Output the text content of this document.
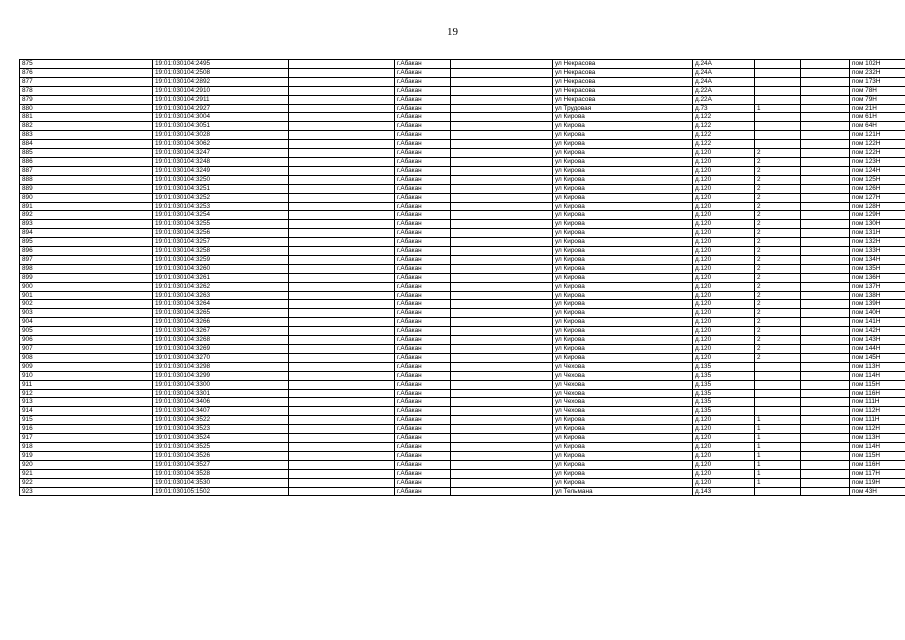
19
875	19:01:030104:2495		г.Абакан		ул Некрасова	д.24А			пом 102Н
876	19:01:030104:2508		г.Абакан		ул Некрасова	д.24А			пом 232Н
877	19:01:030104:2892		г.Абакан		ул Некрасова	д.24А			пом 173Н
878	19:01:030104:2910		г.Абакан		ул Некрасова	д.22А			пом 78Н
879	19:01:030104:2911		г.Абакан		ул Некрасова	д.22А			пом 79Н
880	19:01:030104:2927		г.Абакан		ул Трудовая	д.73	1		пом 21Н
881	19:01:030104:3004		г.Абакан		ул Кирова	д.122			пом 61Н
882	19:01:030104:3051		г.Абакан		ул Кирова	д.122			пом 64Н
883	19:01:030104:3028		г.Абакан		ул Кирова	д.122			пом 121Н
884	19:01:030104:3062		г.Абакан		ул Кирова	д.122			пом 122Н
885	19:01:030104:3247		г.Абакан		ул Кирова	д.120	2		пом 122Н
886	19:01:030104:3248		г.Абакан		ул Кирова	д.120	2		пом 123Н
887	19:01:030104:3249		г.Абакан		ул Кирова	д.120	2		пом 124Н
888	19:01:030104:3250		г.Абакан		ул Кирова	д.120	2		пом 125Н
889	19:01:030104:3251		г.Абакан		ул Кирова	д.120	2		пом 126Н
890	19:01:030104:3252		г.Абакан		ул Кирова	д.120	2		пом 127Н
891	19:01:030104:3253		г.Абакан		ул Кирова	д.120	2		пом 128Н
892	19:01:030104:3254		г.Абакан		ул Кирова	д.120	2		пом 129Н
893	19:01:030104:3255		г.Абакан		ул Кирова	д.120	2		пом 130Н
894	19:01:030104:3256		г.Абакан		ул Кирова	д.120	2		пом 131Н
895	19:01:030104:3257		г.Абакан		ул Кирова	д.120	2		пом 132Н
896	19:01:030104:3258		г.Абакан		ул Кирова	д.120	2		пом 133Н
897	19:01:030104:3259		г.Абакан		ул Кирова	д.120	2		пом 134Н
898	19:01:030104:3260		г.Абакан		ул Кирова	д.120	2		пом 135Н
899	19:01:030104:3261		г.Абакан		ул Кирова	д.120	2		пом 136Н
900	19:01:030104:3262		г.Абакан		ул Кирова	д.120	2		пом 137Н
901	19:01:030104:3263		г.Абакан		ул Кирова	д.120	2		пом 138Н
902	19:01:030104:3264		г.Абакан		ул Кирова	д.120	2		пом 139Н
903	19:01:030104:3265		г.Абакан		ул Кирова	д.120	2		пом 140Н
904	19:01:030104:3266		г.Абакан		ул Кирова	д.120	2		пом 141Н
905	19:01:030104:3267		г.Абакан		ул Кирова	д.120	2		пом 142Н
906	19:01:030104:3268		г.Абакан		ул Кирова	д.120	2		пом 143Н
907	19:01:030104:3269		г.Абакан		ул Кирова	д.120	2		пом 144Н
908	19:01:030104:3270		г.Абакан		ул Кирова	д.120	2		пом 145Н
909	19:01:030104:3298		г.Абакан		ул Чехова	д.135			пом 113Н
910	19:01:030104:3299		г.Абакан		ул Чехова	д.135			пом 114Н
911	19:01:030104:3300		г.Абакан		ул Чехова	д.135			пом 115Н
912	19:01:030104:3301		г.Абакан		ул Чехова	д.135			пом 116Н
913	19:01:030104:3406		г.Абакан		ул Чехова	д.135			пом 111Н
914	19:01:030104:3407		г.Абакан		ул Чехова	д.135			пом 112Н
915	19:01:030104:3522		г.Абакан		ул Кирова	д.120	1		пом 111Н
916	19:01:030104:3523		г.Абакан		ул Кирова	д.120	1		пом 112Н
917	19:01:030104:3524		г.Абакан		ул Кирова	д.120	1		пом 113Н
918	19:01:030104:3525		г.Абакан		ул Кирова	д.120	1		пом 114Н
919	19:01:030104:3526		г.Абакан		ул Кирова	д.120	1		пом 115Н
920	19:01:030104:3527		г.Абакан		ул Кирова	д.120	1		пом 116Н
921	19:01:030104:3528		г.Абакан		ул Кирова	д.120	1		пом 117Н
922	19:01:030104:3530		г.Абакан		ул Кирова	д.120	1		пом 119Н
923	19:01:030105:1502		г.Абакан		ул Тельмана	д.143			пом 43Н
